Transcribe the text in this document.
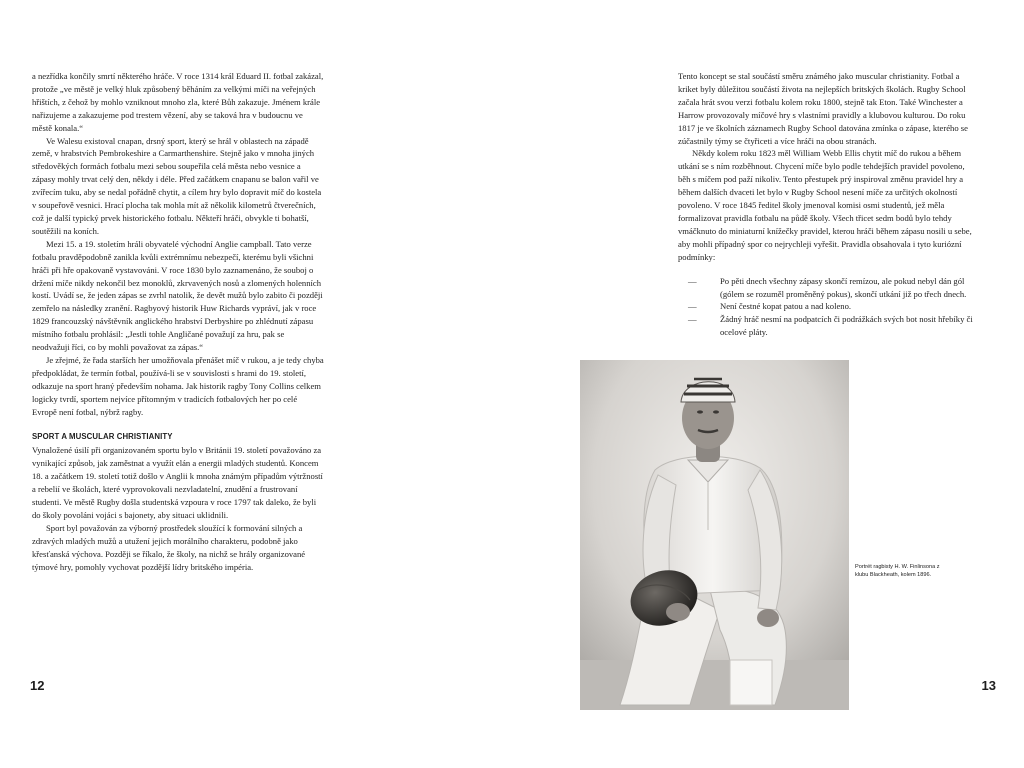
a nezřídka končily smrtí některého hráče. V roce 1314 král Eduard II. fotbal zakázal, protože „ve městě je velký hluk způsobený běháním za velkými míči na veřejných hřištích, z čehož by mohlo vzniknout mnoho zla, které Bůh zakazuje. Jménem krále nařizujeme a zakazujeme pod trestem vězení, aby se taková hra v budoucnu ve městě konala.“

Ve Walesu existoval cnapan, drsný sport, který se hrál v oblastech na západě země, v hrabstvích Pembrokeshire a Carmarthenshire. Stejně jako v mnoha jiných středověkých formách fotbalu mezi sebou soupeřila celá města nebo vesnice a zápasy mohly trvat celý den, někdy i déle. Před začátkem cnapanu se balon vařil ve zvířecím tuku, aby se nedal pořádně chytit, a cílem hry bylo dopravit míč do kostela v soupeřově vesnici. Hrací plocha tak mohla mít až několik kilometrů čtverečních, což je další typický prvek historického fotbalu. Někteří hráči, obvykle ti bohatší, soutěžili na koních.

Mezi 15. a 19. stoletím hráli obyvatelé východní Anglie campball. Tato verze fotbalu pravděpodobně zanikla kvůli extrémnímu nebezpečí, kterému byli všichni hráči při hře opakovaně vystavováni. V roce 1830 bylo zaznamenáno, že souboj o držení míče nikdy nekončil bez monoklů, zkrvavených nosů a zlomených holenních kostí. Uvádí se, že jeden zápas se zvrhl natolik, že devět mužů bylo zabito či později zemřelo na následky zranění. Ragbyový historik Huw Richards vypráví, jak v roce 1829 francouzský návštěvník anglického hrabství Derbyshire po zhlédnutí zápasu místního fotbalu prohlásil: „Jestli tohle Angličané považují za hru, pak se neodvažuji říci, co by mohli považovat za zápas.“

Je zřejmé, že řada starších her umožňovala přenášet míč v rukou, a je tedy chyba předpokládat, že termín fotbal, používá-li se v souvislosti s hrami do 19. století, odkazuje na sport hraný především nohama. Jak historik ragby Tony Collins celkem logicky tvrdí, sportem nejvíce přítomným v tradicích fotbalových her po celé Evropě není fotbal, nýbrž ragby.

SPORT A MUSCULAR CHRISTIANITY

Vynaložené úsilí při organizovaném sportu bylo v Británii 19. století považováno za vynikající způsob, jak zaměstnat a využít elán a energii mladých studentů. Koncem 18. a začátkem 19. století totiž došlo v Anglii k mnoha známým případům výtržností a rebelií ve školách, které vyprovokovali nezvladatelní, znudění a frustrovaní studenti. Ve městě Rugby došla studentská vzpoura v roce 1797 tak daleko, že byli do školy povoláni vojáci s bajonety, aby situaci uklidnili.

Sport byl považován za výborný prostředek sloužící k formování silných a zdravých mladých mužů a utužení jejich morálního charakteru, podobně jako křesťanská výchova. Později se říkalo, že školy, na nichž se hrály organizované týmové hry, pomohly vychovat pozdější lídry britského impéria.

12

Tento koncept se stal součástí směru známého jako muscular christianity. Fotbal a kriket byly důležitou součástí života na nejlepších britských školách. Rugby School začala hrát svou verzi fotbalu kolem roku 1800, stejně tak Eton. Také Winchester a Harrow provozovaly míčové hry s vlastními pravidly a klubovou kulturou. Do roku 1817 je ve školních záznamech Rugby School datována zmínka o zápase, kterého se zúčastnily týmy se čtyřiceti a více hráči na obou stranách.

Někdy kolem roku 1823 měl William Webb Ellis chytit míč do rukou a během utkání se s ním rozběhnout. Chycení míče bylo podle tehdejších pravidel povoleno, běh s míčem pod paží nikoliv. Tento přestupek prý inspiroval změnu pravidel hry a během dalších dvaceti let bylo v Rugby School nesení míče za určitých okolností povoleno. V roce 1845 ředitel školy jmenoval komisi osmi studentů, jež měla formalizovat pravidla fotbalu na půdě školy. Všech třicet sedm bodů bylo tehdy vmáčknuto do miniaturní knížečky pravidel, kterou hráči během zápasu nosili u sebe, aby mohli případný spor co nejrychleji vyřešit. Pravidla obsahovala i tyto kuriózní podmínky:

—	Po pěti dnech všechny zápasy skončí remízou, ale pokud nebyl dán gól (gólem se rozuměl proměněný pokus), skončí utkání již po třech dnech.
—	Není čestné kopat patou a nad koleno.
—	Žádný hráč nesmí na podpatcích či podrážkách svých bot nosit hřebíky či ocelové pláty.
Portrét ragbisty H. W. Finlinsona z klubu Blackheath, kolem 1896.
13
